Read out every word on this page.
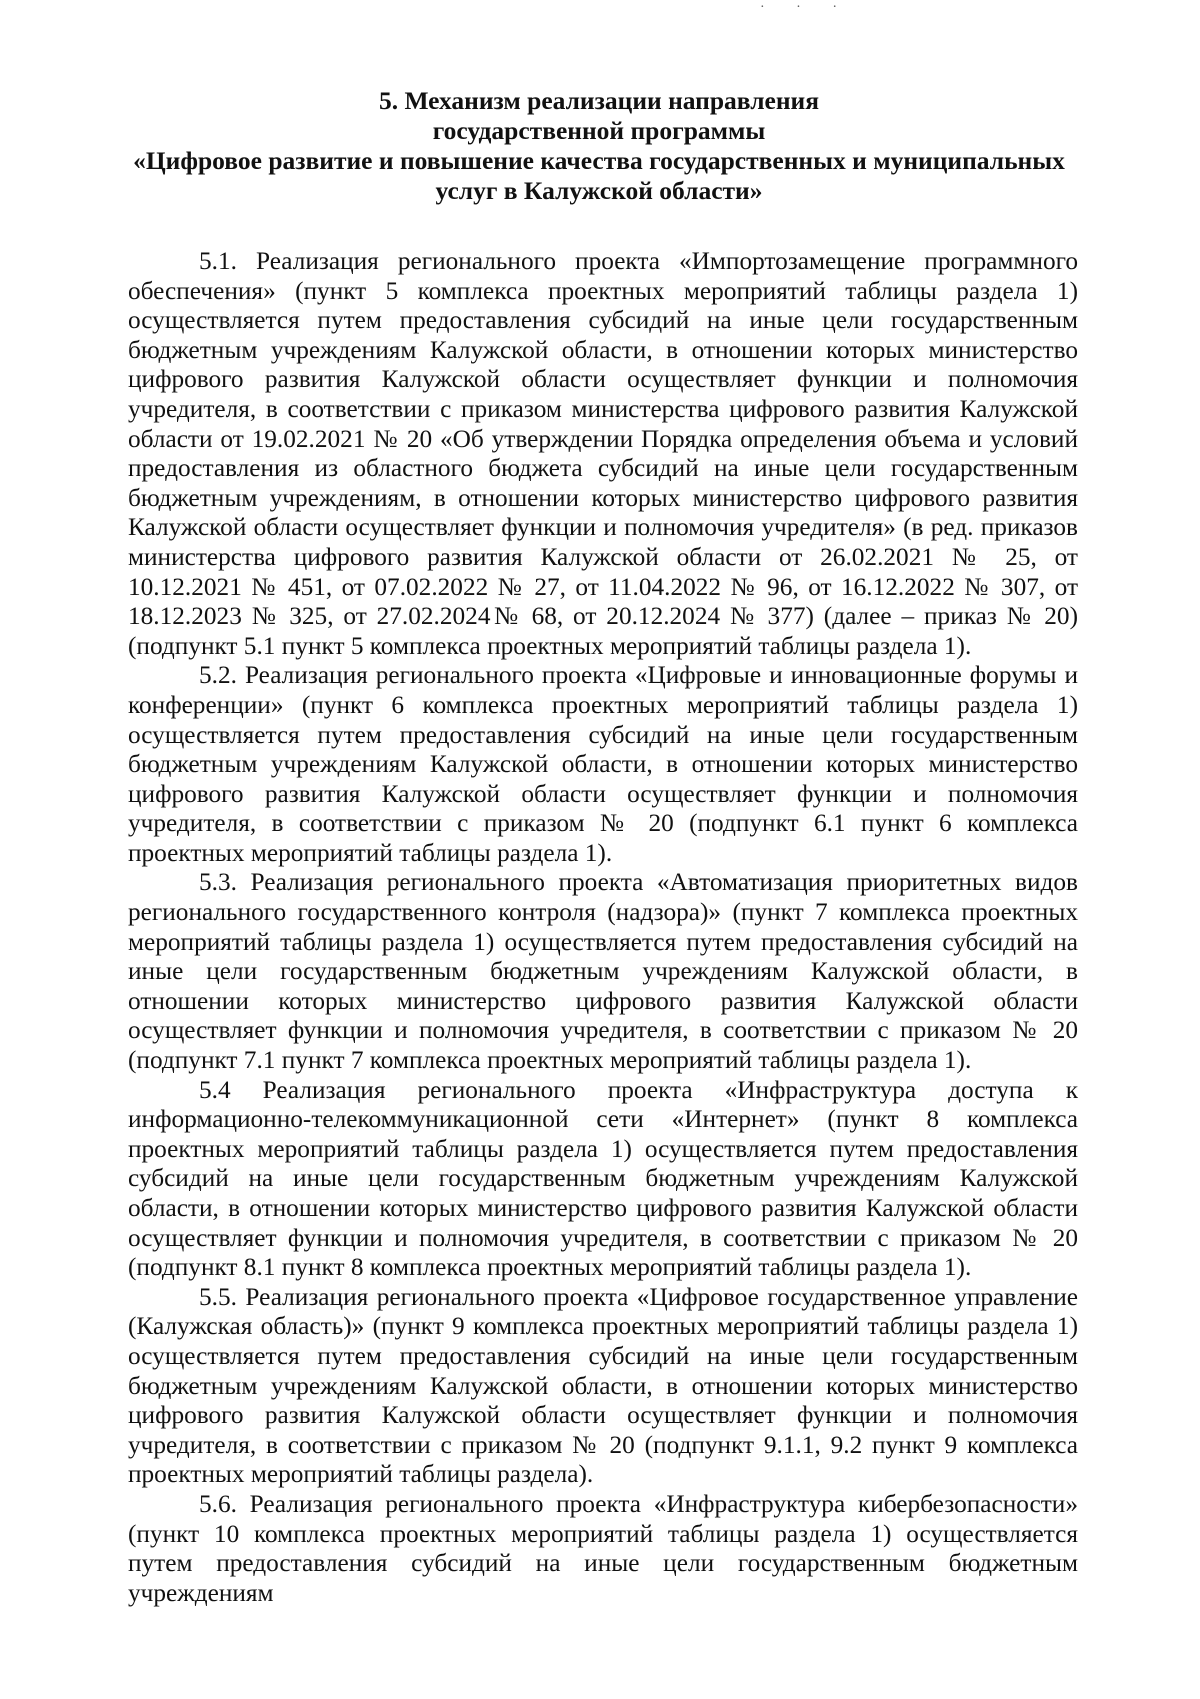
· · ·
5. Механизм реализации направления
государственной программы
«Цифровое развитие и повышение качества государственных и муниципальных
услуг в Калужской области»

5.1. Реализация регионального проекта «Импортозамещение программного обеспечения» (пункт 5 комплекса проектных мероприятий таблицы раздела 1) осуществляется путем предоставления субсидий на иные цели государственным бюджетным учреждениям Калужской области, в отношении которых министерство цифрового развития Калужской области осуществляет функции и полномочия учредителя, в соответствии с приказом министерства цифрового развития Калужской области от 19.02.2021 № 20 «Об утверждении Порядка определения объема и условий предоставления из областного бюджета субсидий на иные цели государственным бюджетным учреждениям, в отношении которых министерство цифрового развития Калужской области осуществляет функции и полномочия учредителя» (в ред. приказов министерства цифрового развития Калужской области от 26.02.2021 № 25, от 10.12.2021 № 451, от 07.02.2022 № 27, от 11.04.2022 № 96, от 16.12.2022 № 307, от 18.12.2023 № 325, от 27.02.2024№ 68, от 20.12.2024 № 377) (далее – приказ № 20) (подпункт 5.1 пункт 5 комплекса проектных мероприятий таблицы раздела 1).

5.2. Реализация регионального проекта «Цифровые и инновационные форумы и конференции» (пункт 6 комплекса проектных мероприятий таблицы раздела 1) осуществляется путем предоставления субсидий на иные цели государственным бюджетным учреждениям Калужской области, в отношении которых министерство цифрового развития Калужской области осуществляет функции и полномочия учредителя, в соответствии с приказом № 20 (подпункт 6.1 пункт 6 комплекса проектных мероприятий таблицы раздела 1).

5.3. Реализация регионального проекта «Автоматизация приоритетных видов регионального государственного контроля (надзора)» (пункт 7 комплекса проектных мероприятий таблицы раздела 1) осуществляется путем предоставления субсидий на иные цели государственным бюджетным учреждениям Калужской области, в отношении которых министерство цифрового развития Калужской области осуществляет функции и полномочия учредителя, в соответствии с приказом № 20 (подпункт 7.1 пункт 7 комплекса проектных мероприятий таблицы раздела 1).

5.4 Реализация регионального проекта «Инфраструктура доступа к информационно-телекоммуникационной сети «Интернет» (пункт 8 комплекса проектных мероприятий таблицы раздела 1) осуществляется путем предоставления субсидий на иные цели государственным бюджетным учреждениям Калужской области, в отношении которых министерство цифрового развития Калужской области осуществляет функции и полномочия учредителя, в соответствии с приказом № 20 (подпункт 8.1 пункт 8 комплекса проектных мероприятий таблицы раздела 1).

5.5. Реализация регионального проекта «Цифровое государственное управление (Калужская область)» (пункт 9 комплекса проектных мероприятий таблицы раздела 1) осуществляется путем предоставления субсидий на иные цели государственным бюджетным учреждениям Калужской области, в отношении которых министерство цифрового развития Калужской области осуществляет функции и полномочия учредителя, в соответствии с приказом № 20 (подпункт 9.1.1, 9.2 пункт 9 комплекса проектных мероприятий таблицы раздела).

5.6. Реализация регионального проекта «Инфраструктура кибербезопасности» (пункт 10 комплекса проектных мероприятий таблицы раздела 1) осуществляется путем предоставления субсидий на иные цели государственным бюджетным учреждениям
